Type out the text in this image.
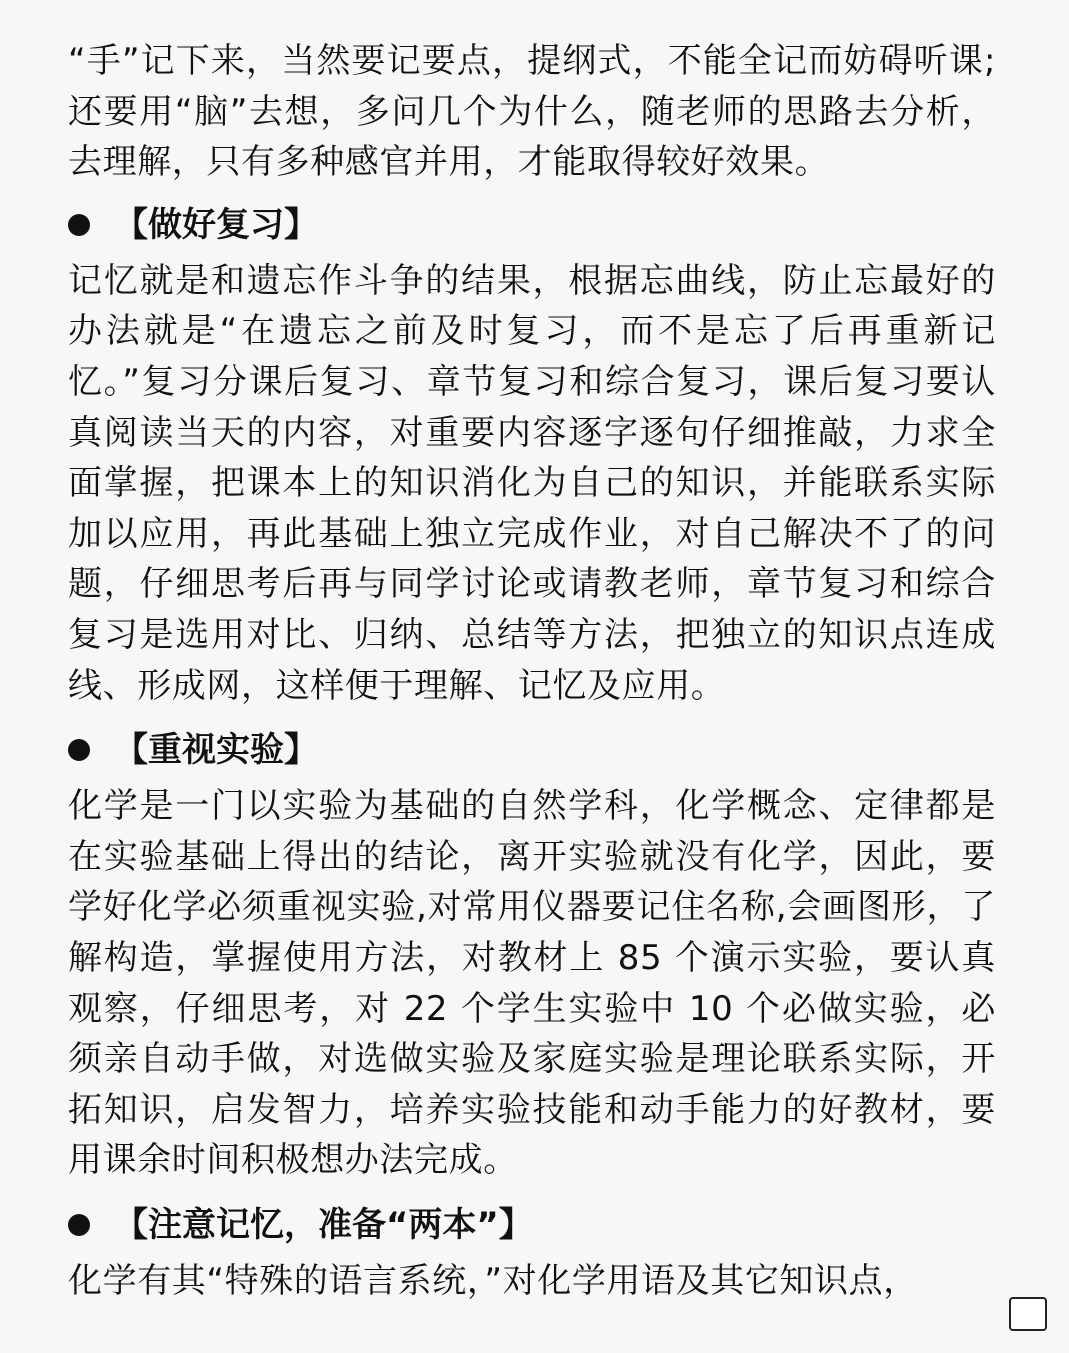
“手”记下来，当然要记要点，提纲式，不能全记而妨碍听课;还要用“脑”去想，多问几个为什么，随老师的思路去分析，去理解，只有多种感官并用，才能取得较好效果。

【做好复习】

记忆就是和遗忘作斗争的结果，根据忘曲线，防止忘最好的办法就是“在遗忘之前及时复习，而不是忘了后再重新记忆。”复习分课后复习、章节复习和综合复习，课后复习要认真阅读当天的内容，对重要内容逐字逐句仔细推敲，力求全面掌握，把课本上的知识消化为自己的知识，并能联系实际加以应用，再此基础上独立完成作业，对自己解决不了的问题，仔细思考后再与同学讨论或请教老师，章节复习和综合复习是选用对比、归纳、总结等方法，把独立的知识点连成线、形成网，这样便于理解、记忆及应用。

【重视实验】

化学是一门以实验为基础的自然学科，化学概念、定律都是在实验基础上得出的结论，离开实验就没有化学，因此，要学好化学必须重视实验,对常用仪器要记住名称,会画图形，了解构造，掌握使用方法，对教材上 85 个演示实验，要认真观察，仔细思考，对 22 个学生实验中 10 个必做实验，必须亲自动手做，对选做实验及家庭实验是理论联系实际，开拓知识，启发智力，培养实验技能和动手能力的好教材，要用课余时间积极想办法完成。

【注意记忆，准备“两本”】

化学有其“特殊的语言系统，”对化学用语及其它知识点，
